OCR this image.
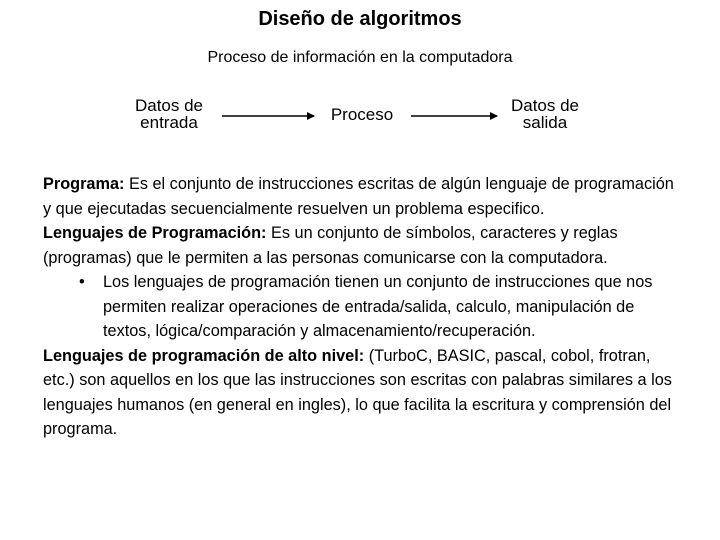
Diseño de algoritmos
Proceso de información en la computadora
Datos de entrada	Proceso	Datos de salida

Programa: Es el conjunto de instrucciones escritas de algún lenguaje de programación y que ejecutadas secuencialmente resuelven un problema especifico.

Lenguajes de Programación: Es un conjunto de símbolos, caracteres y reglas (programas) que le permiten a las personas comunicarse con la computadora.

•	Los lenguajes de programación tienen un conjunto de instrucciones que nos permiten realizar operaciones de entrada/salida, calculo, manipulación de textos, lógica/comparación y almacenamiento/recuperación.

Lenguajes de programación de alto nivel: (TurboC, BASIC, pascal, cobol, frotran, etc.) son aquellos en los que las instrucciones son escritas con palabras similares a los lenguajes humanos (en general en ingles), lo que facilita la escritura y comprensión del programa.
